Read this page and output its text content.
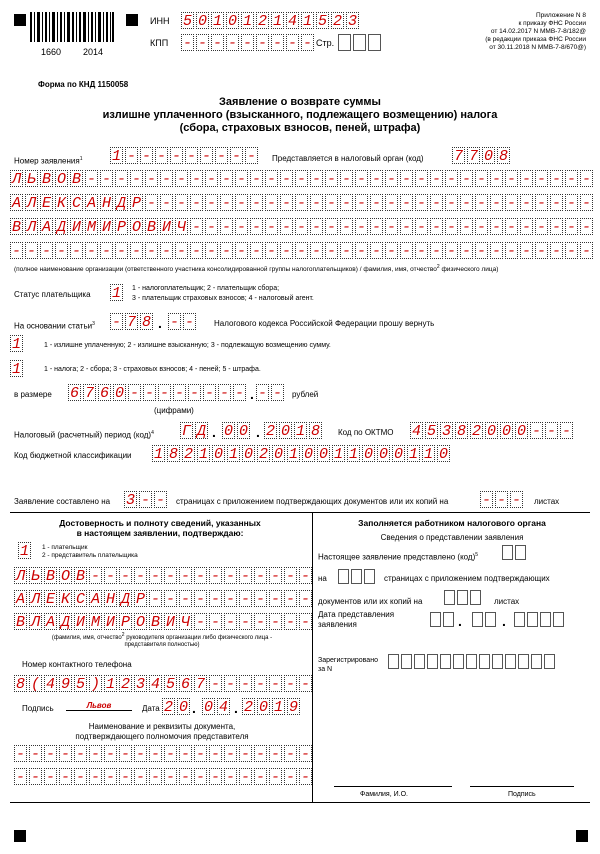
1660 2014
ИНН 5 0 1 0 1 2 1 4 1 5 2 3
КПП - - - - - - - - - Стр.
Приложение N 8
к приказу ФНС России
от 14.02.2017 N ММВ-7-8/182@
(в редакции приказа ФНС России
от 30.11.2018 N ММВ-7-8/670@)
Форма по КНД 1150058
Заявление о возврате суммы
излишне уплаченного (взысканного, подлежащего возмещению) налога
(сбора, страховых взносов, пеней, штрафа)
Номер заявления$^1$ 1 - - - - - - - - - Представляется в налоговый орган (код) 7 7 0 8
Л Ь В О В - - - - - - - - - - - - - - - - - - - - - - - - - - - - - - - - - -
А Л Е К С А Н Д Р - - - - - - - - - - - - - - - - - - - - - - - - - - - - - -
В Л А Д И М И Р О В И Ч - - - - - - - - - - - - - - - - - - - - - - - - - - -
- - - - - - - - - - - - - - - - - - - - - - - - - - - - - - - - - - - - - - -
(полное наименование организации (ответственного участника консолидированной группы налогоплательщиков) / фамилия, имя, отчество$^2$ физического лица)
Статус плательщика 1 1 - налогоплательщик; 2 - плательщик сбора;
3 - плательщик страховых взносов; 4 - налоговый агент.
На основании статьи$^3$ - 7 8 . - -	Налогового кодекса Российской Федерации прошу вернуть
1	1 - излишне уплаченную; 2 - излишне взысканную; 3 - подлежащую возмещению сумму.
1	1 - налога; 2 - сбора; 3 - страховых взносов; 4 - пеней; 5 - штрафа.
в размере 6 7 6 0 - - - - - - - - . - - рублей
(цифрами)
Налоговый (расчетный) период (код)$^4$ Г Д . 0 0 . 2 0 1 8 Код по ОКТМО 4 5 3 8 2 0 0 0 - - -
Код бюджетной классификации 1 8 2 1 0 1 0 2 0 1 0 0 1 1 0 0 0 1 1 0
Заявление составлено на 3 - - страницах с приложением подтверждающих документов или их копий на - - - листах
Достоверность и полноту сведений, указанных
в настоящем заявлении, подтверждаю:
1	1 - плательщик
2 - представитель плательщика
Л Ь В О В - - - - - - - - - - - - - - -
А Л Е К С А Н Д Р - - - - - - - - - - -
В Л А Д И М И Р О В И Ч - - - - - - - -
(фамилия, имя, отчество$^2$ руководителя организации либо физического лица -
представителя полностью)
Номер контактного телефона
8 ( 4 9 5 ) 1 2 3 4 5 6 7 - - - - - - -
Подпись	Львов	Дата 2 0 . 0 4 . 2 0 1 9
Наименование и реквизиты документа,
подтверждающего полномочия представителя
- - - - - - - - - - - - - - - - - - - -
- - - - - - - - - - - - - - - - - - - -
Заполняется работником налогового органа
Сведения о представлении заявления
Настоящее заявление представлено (код)$^5$
на	страницах с приложением подтверждающих
документов или их копий на	листах
Дата представления
заявления	.	.
Зарегистрировано
за N
Фамилия, И.О.	Подпись
